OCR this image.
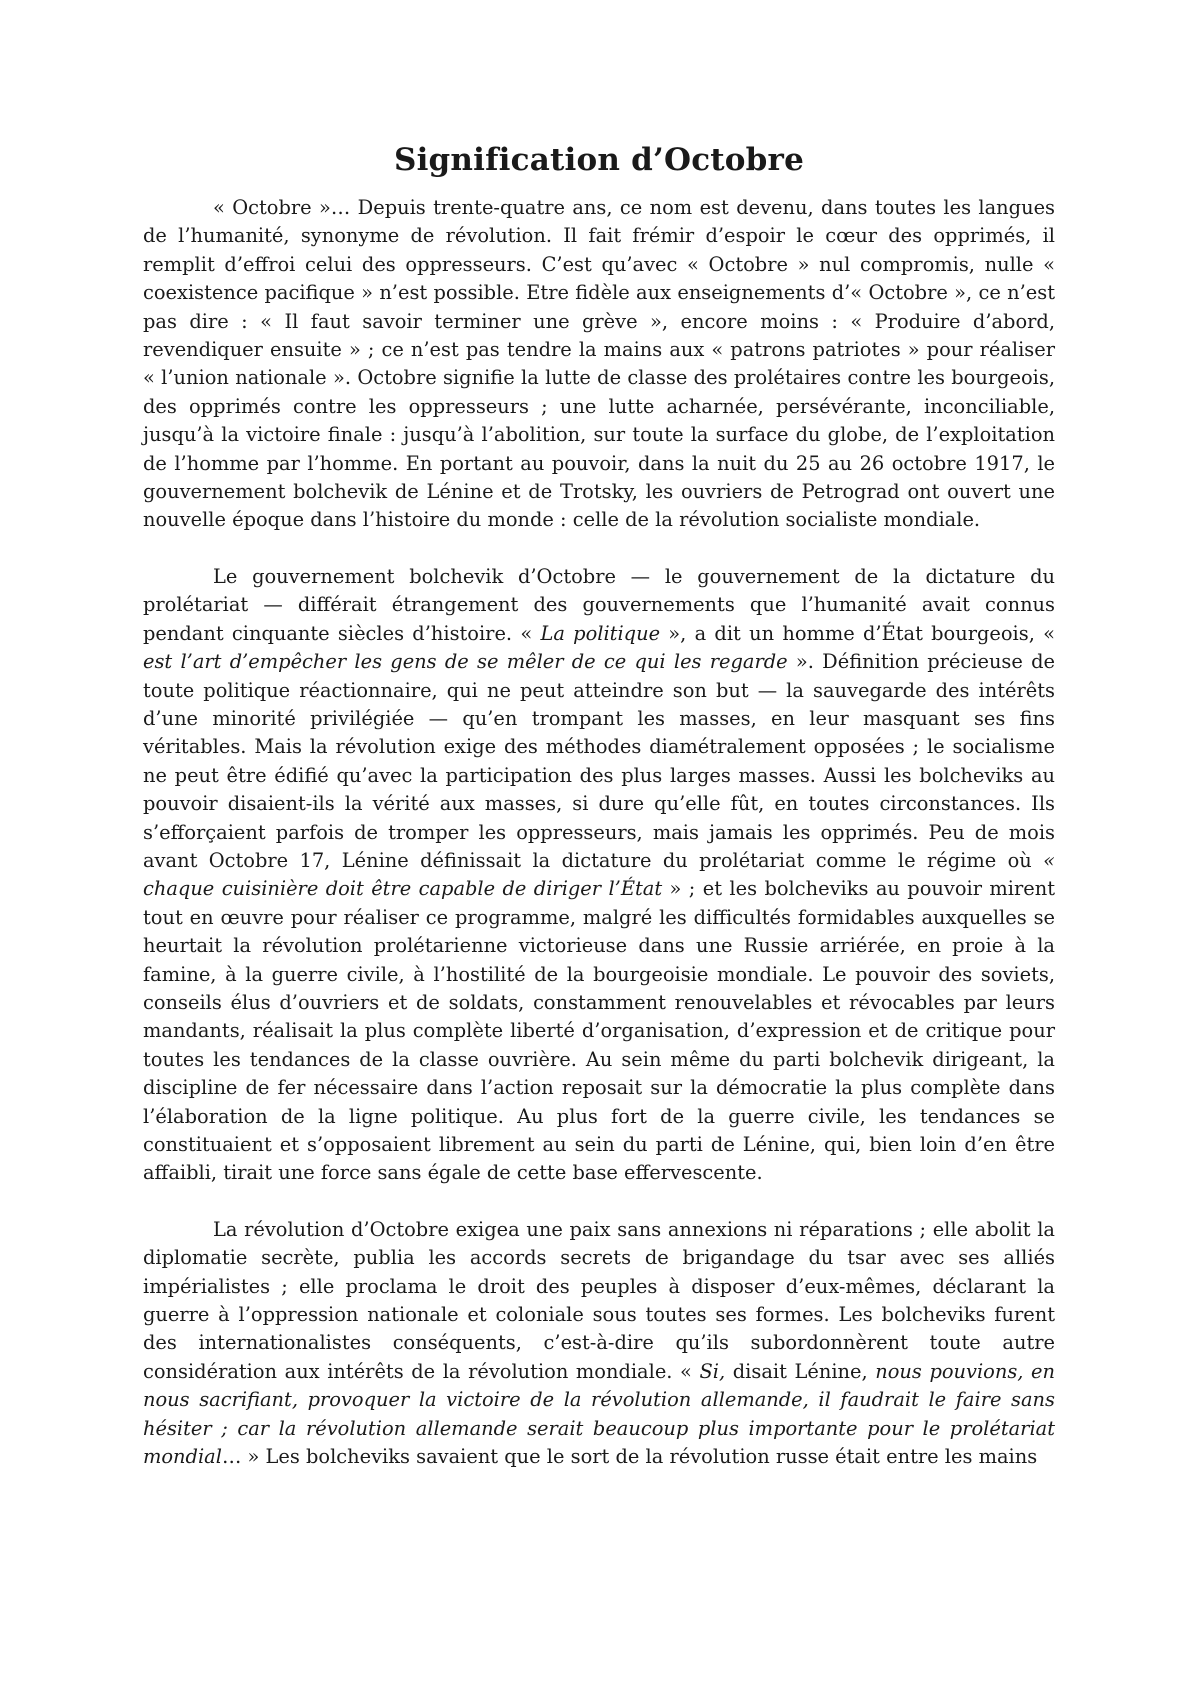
Signification d’Octobre

« Octobre »… Depuis trente-quatre ans, ce nom est devenu, dans toutes les langues de l’humanité, synonyme de révolution. Il fait frémir d’espoir le cœur des opprimés, il remplit d’effroi celui des oppresseurs. C’est qu’avec « Octobre » nul compromis, nulle « coexistence pacifique » n’est possible. Etre fidèle aux enseignements d’« Octobre », ce n’est pas dire : « Il faut savoir terminer une grève », encore moins : « Produire d’abord, revendiquer ensuite » ; ce n’est pas tendre la mains aux « patrons patriotes » pour réaliser « l’union nationale ». Octobre signifie la lutte de classe des prolétaires contre les bourgeois, des opprimés contre les oppresseurs ; une lutte acharnée, persévérante, inconciliable, jusqu’à la victoire finale : jusqu’à l’abolition, sur toute la surface du globe, de l’exploitation de l’homme par l’homme. En portant au pouvoir, dans la nuit du 25 au 26 octobre 1917, le gouvernement bolchevik de Lénine et de Trotsky, les ouvriers de Petrograd ont ouvert une nouvelle époque dans l’histoire du monde : celle de la révolution socialiste mondiale.

Le gouvernement bolchevik d’Octobre — le gouvernement de la dictature du prolétariat — différait étrangement des gouvernements que l’humanité avait connus pendant cinquante siècles d’histoire. « La politique », a dit un homme d’État bourgeois, « est l’art d’empêcher les gens de se mêler de ce qui les regarde ». Définition précieuse de toute politique réactionnaire, qui ne peut atteindre son but — la sauvegarde des intérêts d’une minorité privilégiée — qu’en trompant les masses, en leur masquant ses fins véritables. Mais la révolution exige des méthodes diamétralement opposées ; le socialisme ne peut être édifié qu’avec la participation des plus larges masses. Aussi les bolcheviks au pouvoir disaient-ils la vérité aux masses, si dure qu’elle fût, en toutes circonstances. Ils s’efforçaient parfois de tromper les oppresseurs, mais jamais les opprimés. Peu de mois avant Octobre 17, Lénine définissait la dictature du prolétariat comme le régime où « chaque cuisinière doit être capable de diriger l’État » ; et les bolcheviks au pouvoir mirent tout en œuvre pour réaliser ce programme, malgré les difficultés formidables auxquelles se heurtait la révolution prolétarienne victorieuse dans une Russie arriérée, en proie à la famine, à la guerre civile, à l’hostilité de la bourgeoisie mondiale. Le pouvoir des soviets, conseils élus d’ouvriers et de soldats, constamment renouvelables et révocables par leurs mandants, réalisait la plus complète liberté d’organisation, d’expression et de critique pour toutes les tendances de la classe ouvrière. Au sein même du parti bolchevik dirigeant, la discipline de fer nécessaire dans l’action reposait sur la démocratie la plus complète dans l’élaboration de la ligne politique. Au plus fort de la guerre civile, les tendances se constituaient et s’opposaient librement au sein du parti de Lénine, qui, bien loin d’en être affaibli, tirait une force sans égale de cette base effervescente.

La révolution d’Octobre exigea une paix sans annexions ni réparations ; elle abolit la diplomatie secrète, publia les accords secrets de brigandage du tsar avec ses alliés impérialistes ; elle proclama le droit des peuples à disposer d’eux-mêmes, déclarant la guerre à l’oppression nationale et coloniale sous toutes ses formes. Les bolcheviks furent des internationalistes conséquents, c’est-à-dire qu’ils subordonnèrent toute autre considération aux intérêts de la révolution mondiale. « Si, disait Lénine, nous pouvions, en nous sacrifiant, provoquer la victoire de la révolution allemande, il faudrait le faire sans hésiter ; car la révolution allemande serait beaucoup plus importante pour le prolétariat mondial… » Les bolcheviks savaient que le sort de la révolution russe était entre les mains
